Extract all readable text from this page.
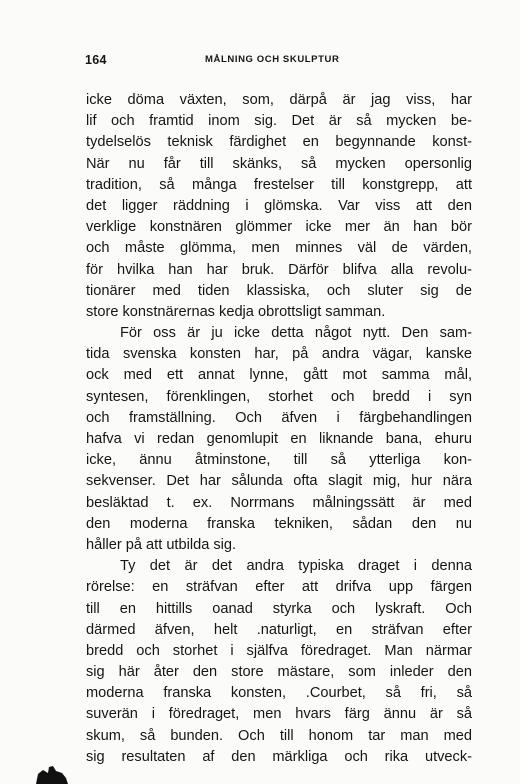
164	MÅLNING OCH SKULPTUR
icke döma växten, som, därpå är jag viss, har
lif och framtid inom sig. Det är så mycken be-
tydelselös teknisk färdighet en begynnande konst-
När nu får till skänks, så mycken opersonlig
tradition, så många frestelser till konstgrepp, att
det ligger räddning i glömska. Var viss att den
verklige konstnären glömmer icke mer än han bör
och måste glömma, men minnes väl de värden,
för hvilka han har bruk. Därför blifva alla revolu-
tionärer med tiden klassiska, och sluter sig de
store konstnärernas kedja obrottsligt samman.
För oss är ju icke detta något nytt. Den sam-
tida svenska konsten har, på andra vägar, kanske
ock med ett annat lynne, gått mot samma mål,
syntesen, förenklingen, storhet och bredd i syn
och framställning. Och äfven i färgbehandlingen
hafva vi redan genomlupit en liknande bana, ehuru
icke, ännu åtminstone, till så ytterliga kon-
sekvenser. Det har sålunda ofta slagit mig, hur nära
besläktad t. ex. Norrmans målningssätt är med
den moderna franska tekniken, sådan den nu
håller på att utbilda sig.
Ty det är det andra typiska draget i denna
rörelse: en sträfvan efter att drifva upp färgen
till en hittills oanad styrka och lyskraft. Och
därmed äfven, helt .naturligt, en sträfvan efter
bredd och storhet i själfva föredraget. Man närmar
sig här åter den store mästare, som inleder den
moderna franska konsten, .Courbet, så fri, så
suverän i föredraget, men hvars färg ännu är så
skum, så bunden. Och till honom tar man med
sig resultaten af den märkliga och rika utveck-
